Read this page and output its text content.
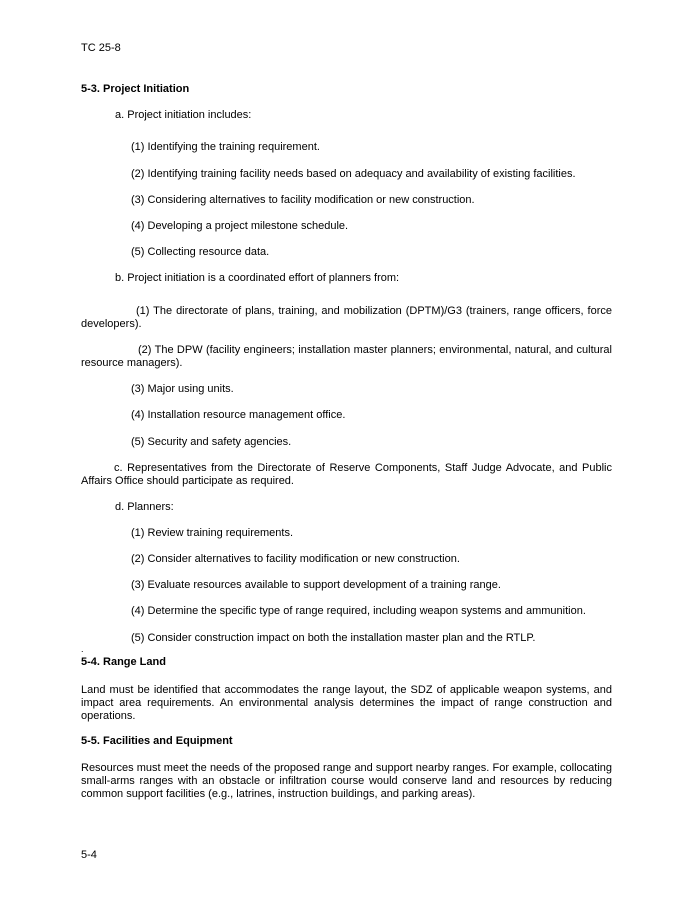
TC 25-8
5-3. Project Initiation
a. Project initiation includes:
(1) Identifying the training requirement.
(2) Identifying training facility needs based on adequacy and availability of existing facilities.
(3) Considering alternatives to facility modification or new construction.
(4) Developing a project milestone schedule.
(5) Collecting resource data.
b. Project initiation is a coordinated effort of planners from:
(1) The directorate of plans, training, and mobilization (DPTM)/G3 (trainers, range officers, force developers).
(2) The DPW (facility engineers; installation master planners; environmental, natural, and cultural resource managers).
(3) Major using units.
(4) Installation resource management office.
(5) Security and safety agencies.
c. Representatives from the Directorate of Reserve Components, Staff Judge Advocate, and Public Affairs Office should participate as required.
d. Planners:
(1) Review training requirements.
(2) Consider alternatives to facility modification or new construction.
(3) Evaluate resources available to support development of a training range.
(4) Determine the specific type of range required, including weapon systems and ammunition.
(5) Consider construction impact on both the installation master plan and the RTLP.
.
5-4. Range Land
Land must be identified that accommodates the range layout, the SDZ of applicable weapon systems, and impact area requirements. An environmental analysis determines the impact of range construction and operations.
5-5. Facilities and Equipment
Resources must meet the needs of the proposed range and support nearby ranges. For example, collocating small-arms ranges with an obstacle or infiltration course would conserve land and resources by reducing common support facilities (e.g., latrines, instruction buildings, and parking areas).
5-4
